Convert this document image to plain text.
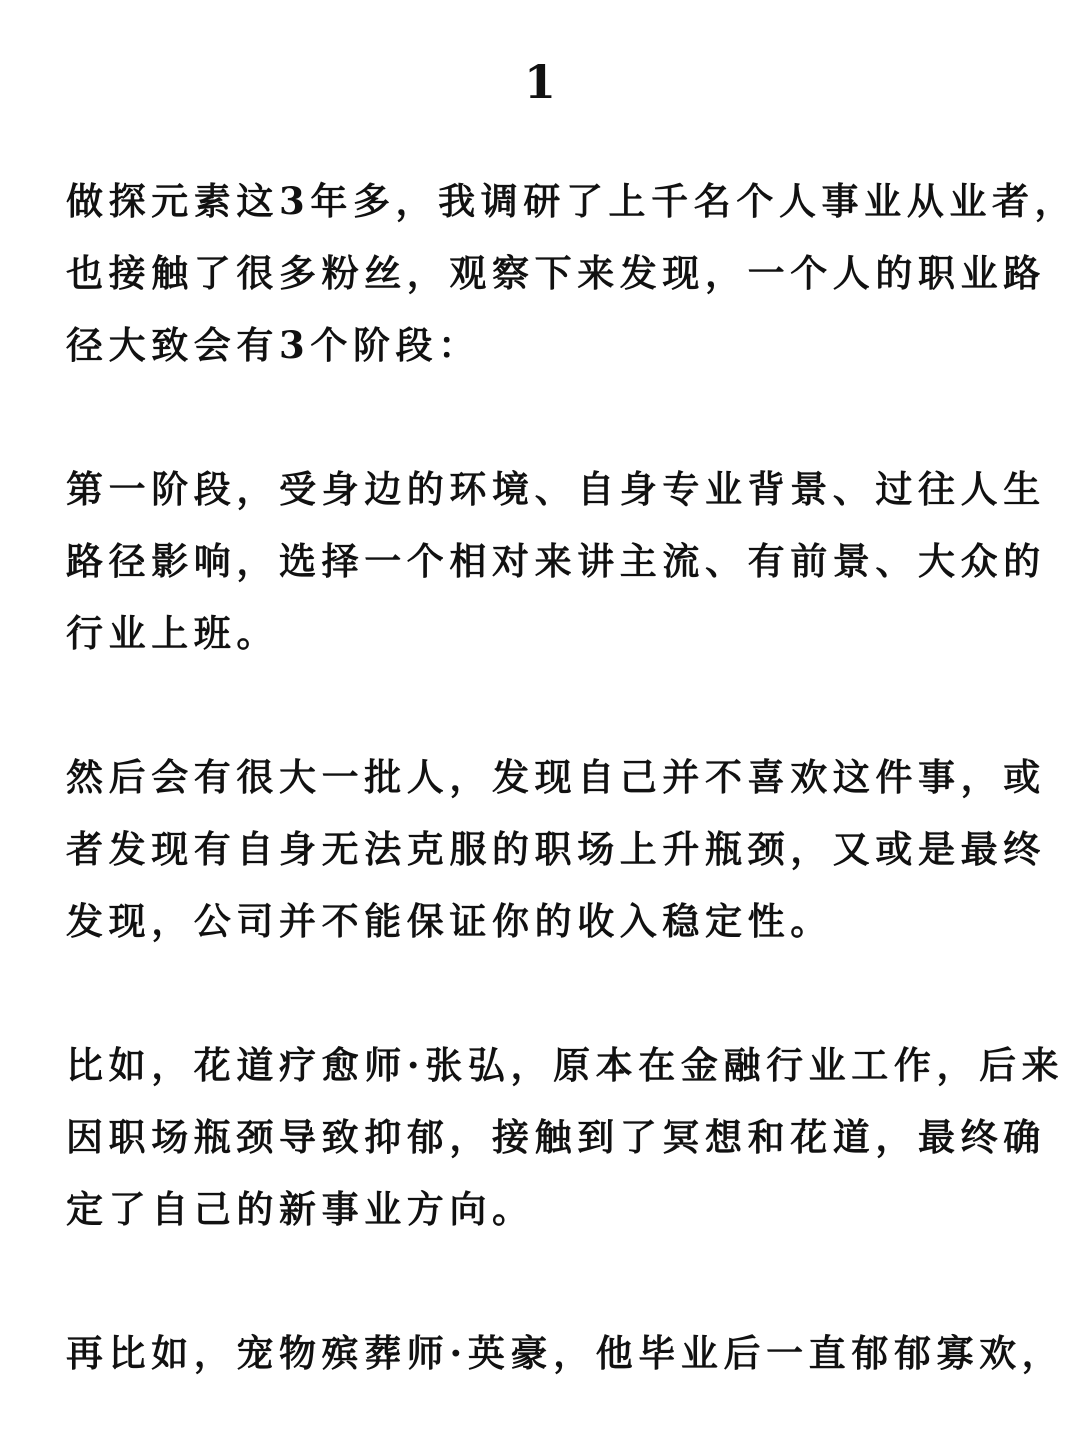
1
做探元素这3年多，我调研了上千名个人事业从业者，
也接触了很多粉丝，观察下来发现，一个人的职业路
径大致会有3个阶段：
第一阶段，受身边的环境、自身专业背景、过往人生
路径影响，选择一个相对来讲主流、有前景、大众的
行业上班。
然后会有很大一批人，发现自己并不喜欢这件事，或
者发现有自身无法克服的职场上升瓶颈，又或是最终
发现，公司并不能保证你的收入稳定性。
比如，花道疗愈师·张弘，原本在金融行业工作，后来
因职场瓶颈导致抑郁，接触到了冥想和花道，最终确
定了自己的新事业方向。
再比如，宠物殡葬师·英豪，他毕业后一直郁郁寡欢，
